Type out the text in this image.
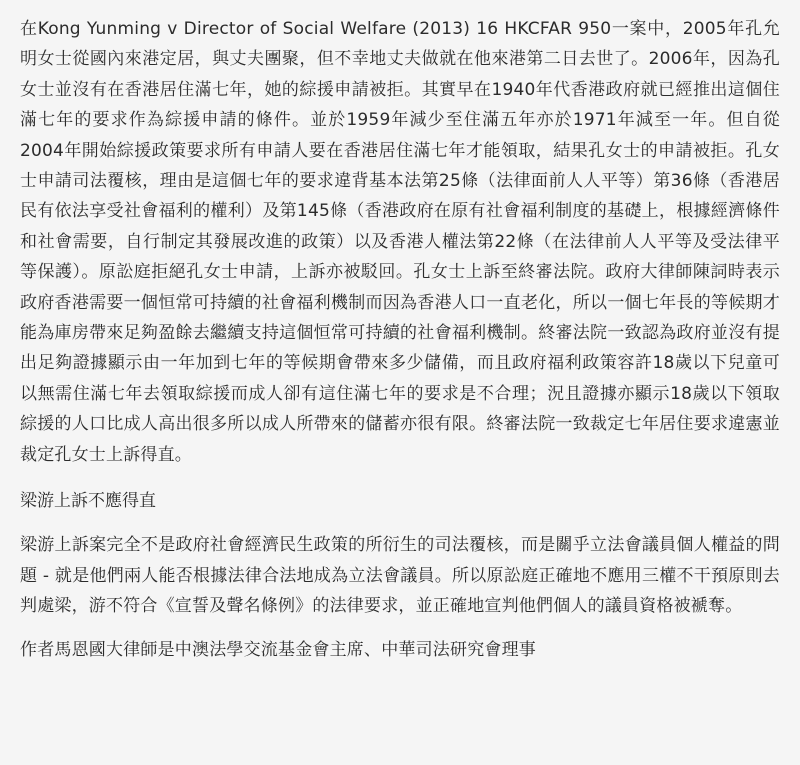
在Kong Yunming v Director of Social Welfare (2013) 16 HKCFAR 950一案中，2005年孔允明女士從國內來港定居，與丈夫團聚，但不幸地丈夫做就在他來港第二日去世了。2006年，因為孔女士並沒有在香港居住滿七年，她的綜援申請被拒。其實早在1940年代香港政府就已經推出這個住滿七年的要求作為綜援申請的條件。並於1959年減少至住滿五年亦於1971年減至一年。但自從2004年開始綜援政策要求所有申請人要在香港居住滿七年才能領取，結果孔女士的申請被拒。孔女士申請司法覆核，理由是這個七年的要求違背基本法第25條（法律面前人人平等）第36條（香港居民有依法享受社會福利的權利）及第145條（香港政府在原有社會福利制度的基礎上，根據經濟條件和社會需要，自行制定其發展改進的政策）以及香港人權法第22條（在法律前人人平等及受法律平等保護）。原訟庭拒絕孔女士申請，上訴亦被駁回。孔女士上訴至終審法院。政府大律師陳詞時表示政府香港需要一個恒常可持續的社會福利機制而因為香港人口一直老化，所以一個七年長的等候期才能為庫房帶來足夠盈餘去繼續支持這個恒常可持續的社會福利機制。終審法院一致認為政府並沒有提出足夠證據顯示由一年加到七年的等候期會帶來多少儲備，而且政府福利政策容許18歲以下兒童可以無需住滿七年去領取綜援而成人卻有這住滿七年的要求是不合理；況且證據亦顯示18歲以下領取綜援的人口比成人高出很多所以成人所帶來的儲蓄亦很有限。終審法院一致裁定七年居住要求違憲並裁定孔女士上訴得直。

梁游上訴不應得直

梁游上訴案完全不是政府社會經濟民生政策的所衍生的司法覆核，而是關乎立法會議員個人權益的問題 - 就是他們兩人能否根據法律合法地成為立法會議員。所以原訟庭正確地不應用三權不干預原則去判處梁，游不符合《宣誓及聲名條例》的法律要求，並正確地宣判他們個人的議員資格被褫奪。

作者馬恩國大律師是中澳法學交流基金會主席、中華司法研究會理事
